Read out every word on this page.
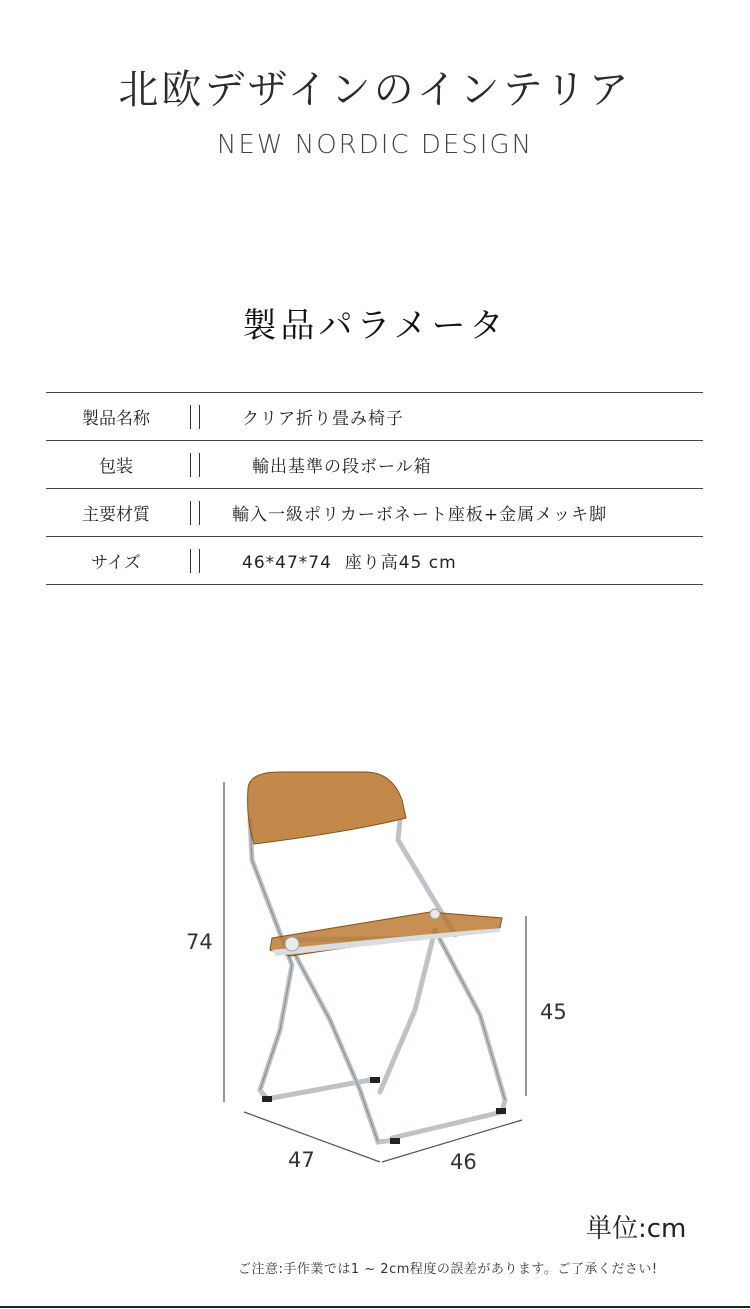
北欧デザインのインテリア
NEW NORDIC DESIGN
製品パラメータ
製品名称	クリア折り畳み椅子
包装	輸出基準の段ボール箱
主要材質	輸入一級ポリカーボネート座板+金属メッキ脚
サイズ	46*47*74  座り高45 cm
74
45
47	46
単位:cm
ご注意:手作業では1 ~ 2cm程度の誤差があります。ご了承ください!
